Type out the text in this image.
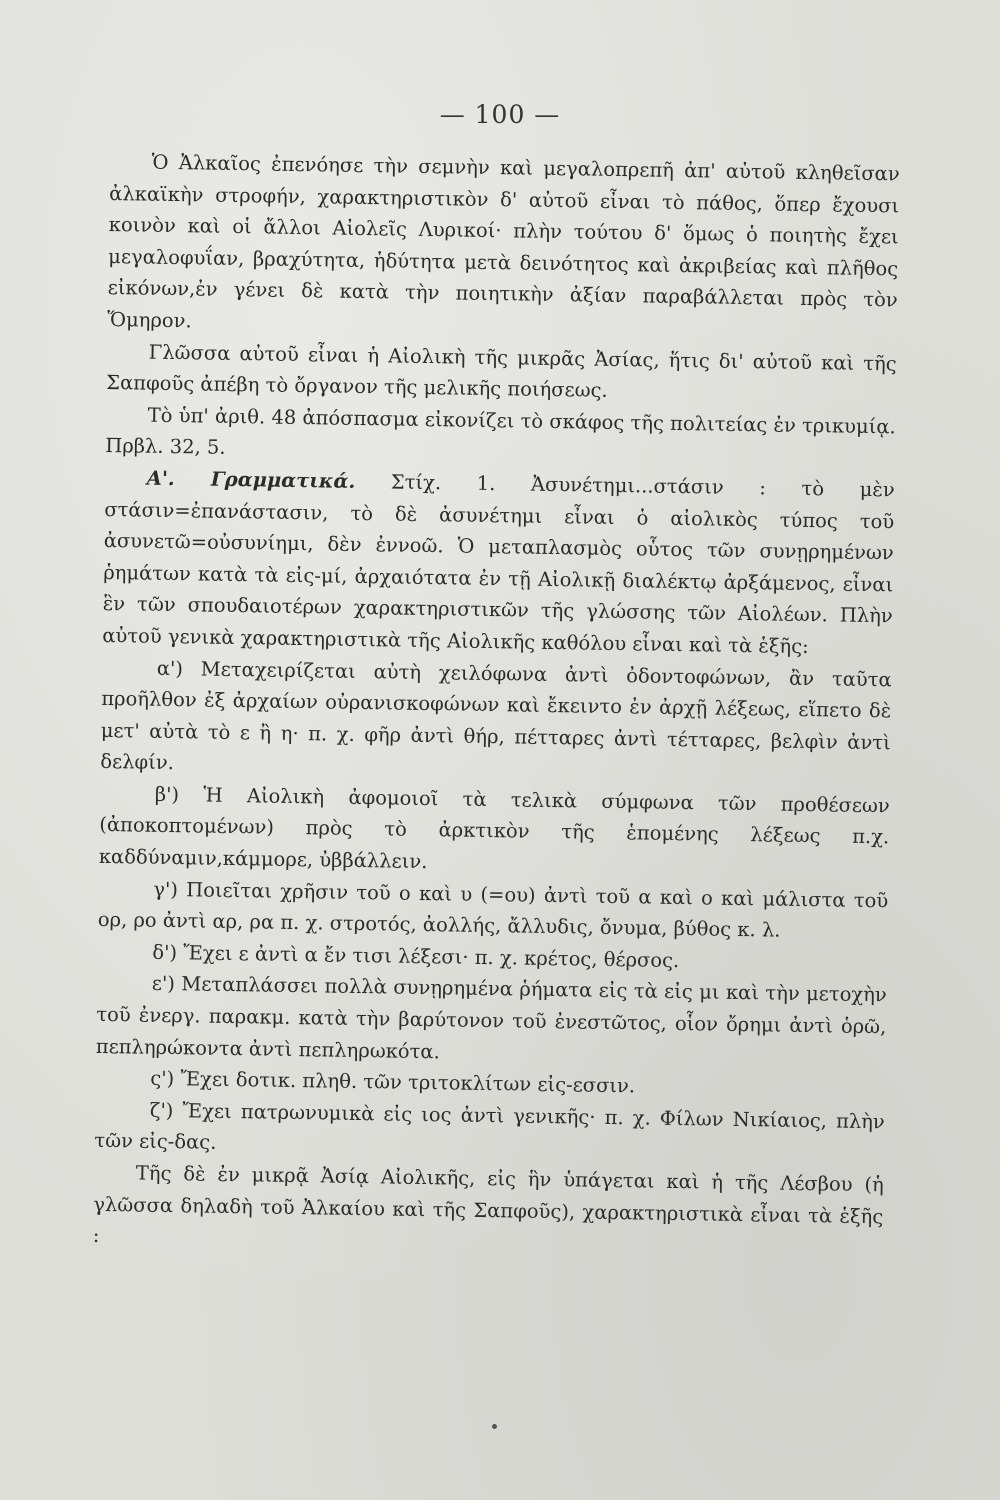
— 100 —

Ὁ Ἀλκαῖος ἐπενόησε τὴν σεμνὴν καὶ μεγαλοπρεπῆ ἀπ' αὐτοῦ κληθεῖσαν ἀλκαϊκὴν στροφήν, χαρακτηριστικὸν δ' αὐτοῦ εἶναι τὸ πάθος, ὅπερ ἔχουσι κοινὸν καὶ οἱ ἄλλοι Αἰολεῖς Λυρικοί· πλὴν τούτου δ' ὅμως ὁ ποιητὴς ἔχει μεγαλοφυΐαν, βραχύτητα, ἡδύτητα μετὰ δεινότητος καὶ ἀκριβείας καὶ πλῆθος εἰκόνων,ἐν γένει δὲ κατὰ τὴν ποιητικὴν ἀξίαν παραβάλλεται πρὸς τὸν Ὅμηρον.

Γλῶσσα αὐτοῦ εἶναι ἡ Αἰολικὴ τῆς μικρᾶς Ἀσίας, ἥτις δι' αὐτοῦ καὶ τῆς Σαπφοῦς ἀπέβη τὸ ὄργανον τῆς μελικῆς ποιήσεως.

Τὸ ὑπ' ἀριθ. 48 ἀπόσπασμα εἰκονίζει τὸ σκάφος τῆς πολιτείας ἐν τρικυμίᾳ. Πρβλ. 32, 5.

Α'. Γραμματικά. Στίχ. 1. Ἀσυνέτημι...στάσιν : τὸ μὲν στάσιν=ἐπανάστασιν, τὸ δὲ ἀσυνέτημι εἶναι ὁ αἰολικὸς τύπος τοῦ ἀσυνετῶ=οὐσυνίημι, δὲν ἐννοῶ. Ὁ μεταπλασμὸς οὗτος τῶν συνῃρημένων ῥημάτων κατὰ τὰ εἰς-μί, ἀρχαιότατα ἐν τῇ Αἰολικῇ διαλέκτῳ ἀρξάμενος, εἶναι ἓν τῶν σπουδαιοτέρων χαρακτηριστικῶν τῆς γλώσσης τῶν Αἰολέων. Πλὴν αὐτοῦ γενικὰ χαρακτηριστικὰ τῆς Αἰολικῆς καθόλου εἶναι καὶ τὰ ἑξῆς:

α') Μεταχειρίζεται αὐτὴ χειλόφωνα ἀντὶ ὀδοντοφώνων, ἂν ταῦτα προῆλθον ἐξ ἀρχαίων οὐρανισκοφώνων καὶ ἔκειντο ἐν ἀρχῇ λέξεως, εἵπετο δὲ μετ' αὐτὰ τὸ ε ἢ η· π. χ. φῆρ ἀντὶ θήρ, πέτταρες ἀντὶ τέτταρες, βελφὶν ἀντὶ δελφίν.

β') Ἡ Αἰολικὴ ἀφομοιοῖ τὰ τελικὰ σύμφωνα τῶν προθέσεων (ἀποκοπτομένων) πρὸς τὸ ἀρκτικὸν τῆς ἑπομένης λέξεως π.χ. καδδύναμιν,κάμμορε, ὐββάλλειν.

γ') Ποιεῖται χρῆσιν τοῦ ο καὶ υ (=ου) ἀντὶ τοῦ α καὶ ο καὶ μάλιστα τοῦ ορ, ρο ἀντὶ αρ, ρα π. χ. στροτός, ἀολλής, ἄλλυδις, ὄνυμα, βύθος κ. λ.

δ') Ἔχει ε ἀντὶ α ἔν τισι λέξεσι· π. χ. κρέτος, θέρσος.

ε') Μεταπλάσσει πολλὰ συνῃρημένα ῥήματα εἰς τὰ εἰς μι καὶ τὴν μετοχὴν τοῦ ἐνεργ. παρακμ. κατὰ τὴν βαρύτονον τοῦ ἐνεστῶτος, οἷον ὄρημι ἀντὶ ὁρῶ, πεπληρώκοντα ἀντὶ πεπληρωκότα.

ς') Ἔχει δοτικ. πληθ. τῶν τριτοκλίτων εἰς-εσσιν.

ζ') Ἔχει πατρωνυμικὰ εἰς ιος ἀντὶ γενικῆς· π. χ. Φίλων Νικίαιος, πλὴν τῶν εἰς-δας.

Τῆς δὲ ἐν μικρᾷ Ἀσίᾳ Αἰολικῆς, εἰς ἣν ὑπάγεται καὶ ἡ τῆς Λέσβου (ἡ γλῶσσα δηλαδὴ τοῦ Ἀλκαίου καὶ τῆς Σαπφοῦς), χαρακτηριστικὰ εἶναι τὰ ἑξῆς :
